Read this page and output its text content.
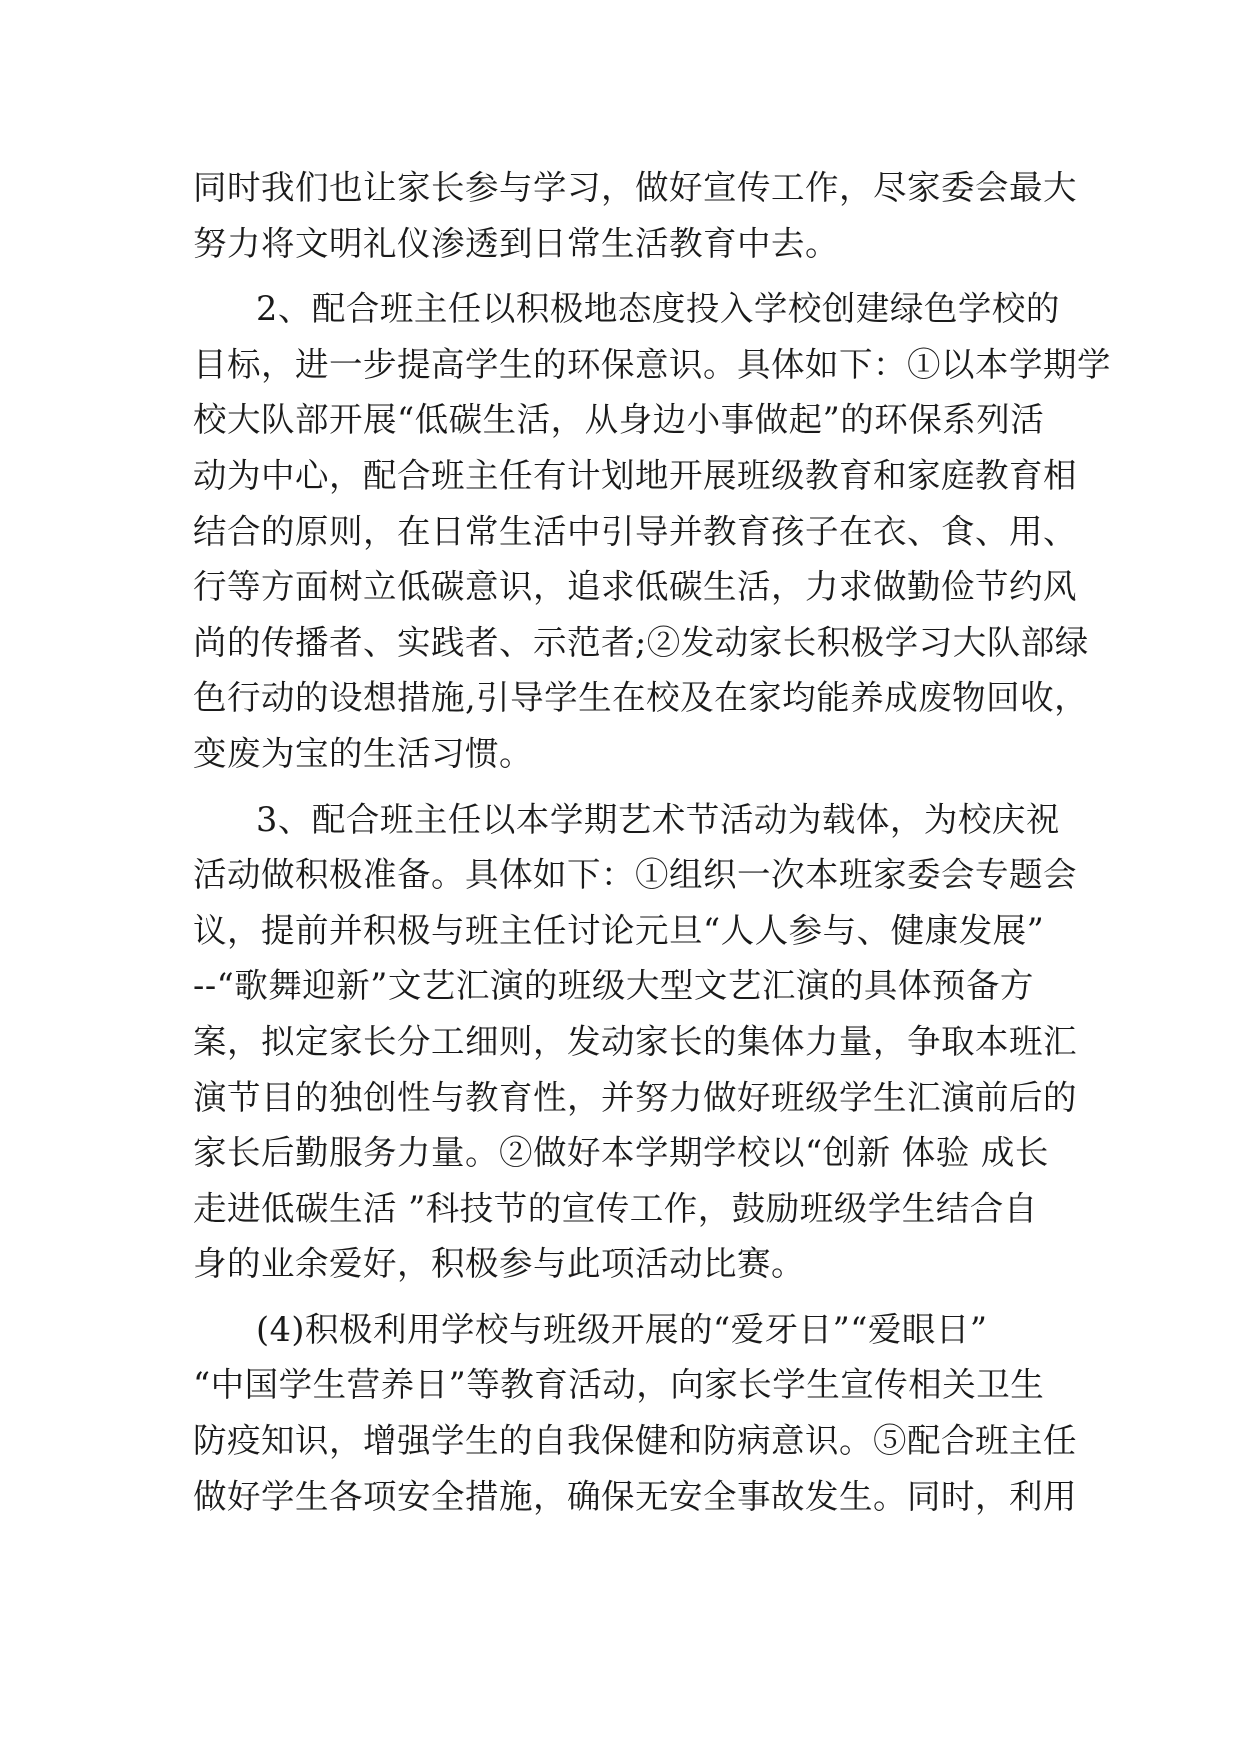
同时我们也让家长参与学习，做好宣传工作，尽家委会最大
努力将文明礼仪渗透到日常生活教育中去。
2、配合班主任以积极地态度投入学校创建绿色学校的
目标，进一步提高学生的环保意识。具体如下：①以本学期学
校大队部开展“低碳生活，从身边小事做起”的环保系列活
动为中心，配合班主任有计划地开展班级教育和家庭教育相
结合的原则，在日常生活中引导并教育孩子在衣、食、用、
行等方面树立低碳意识，追求低碳生活，力求做勤俭节约风
尚的传播者、实践者、示范者;②发动家长积极学习大队部绿
色行动的设想措施,引导学生在校及在家均能养成废物回收，
变废为宝的生活习惯。
3、配合班主任以本学期艺术节活动为载体，为校庆祝
活动做积极准备。具体如下：①组织一次本班家委会专题会
议，提前并积极与班主任讨论元旦“人人参与、健康发展”
--“歌舞迎新”文艺汇演的班级大型文艺汇演的具体预备方
案，拟定家长分工细则，发动家长的集体力量，争取本班汇
演节目的独创性与教育性，并努力做好班级学生汇演前后的
家长后勤服务力量。②做好本学期学校以“创新 体验 成长
走进低碳生活 ”科技节的宣传工作，鼓励班级学生结合自
身的业余爱好，积极参与此项活动比赛。
(4)积极利用学校与班级开展的“爱牙日”“爱眼日”
“中国学生营养日”等教育活动，向家长学生宣传相关卫生
防疫知识，增强学生的自我保健和防病意识。⑤配合班主任
做好学生各项安全措施，确保无安全事故发生。同时，利用
